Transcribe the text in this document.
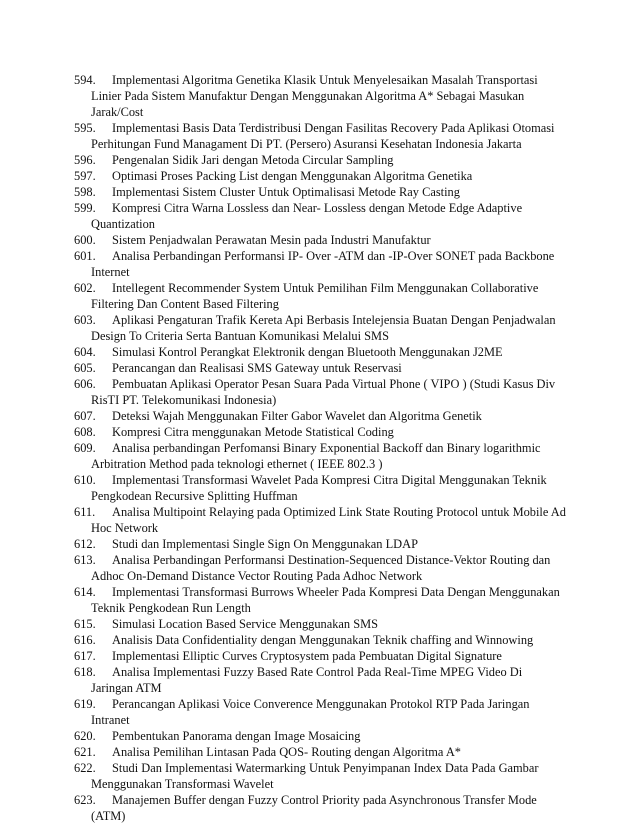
594. Implementasi Algoritma Genetika Klasik Untuk Menyelesaikan Masalah Transportasi Linier Pada Sistem Manufaktur Dengan Menggunakan Algoritma A* Sebagai Masukan Jarak/Cost
595. Implementasi Basis Data Terdistribusi Dengan Fasilitas Recovery Pada Aplikasi Otomasi Perhitungan Fund Managament Di PT. (Persero) Asuransi Kesehatan Indonesia Jakarta
596. Pengenalan Sidik Jari dengan Metoda Circular Sampling
597. Optimasi Proses Packing List dengan Menggunakan Algoritma Genetika
598. Implementasi Sistem Cluster Untuk Optimalisasi Metode Ray Casting
599. Kompresi Citra Warna Lossless dan Near- Lossless dengan Metode Edge Adaptive Quantization
600. Sistem Penjadwalan Perawatan Mesin pada Industri Manufaktur
601. Analisa Perbandingan Performansi IP- Over -ATM dan -IP-Over SONET pada Backbone Internet
602. Intellegent Recommender System Untuk Pemilihan Film Menggunakan Collaborative Filtering Dan Content Based Filtering
603. Aplikasi Pengaturan Trafik Kereta Api Berbasis Intelejensia Buatan Dengan Penjadwalan Design To Criteria Serta Bantuan Komunikasi Melalui SMS
604. Simulasi Kontrol Perangkat Elektronik dengan Bluetooth Menggunakan J2ME
605. Perancangan dan Realisasi SMS Gateway untuk Reservasi
606. Pembuatan Aplikasi Operator Pesan Suara Pada Virtual Phone ( VIPO ) (Studi Kasus Div RisTI PT. Telekomunikasi Indonesia)
607. Deteksi Wajah Menggunakan Filter Gabor Wavelet dan Algoritma Genetik
608. Kompresi Citra menggunakan Metode Statistical Coding
609. Analisa perbandingan Perfomansi Binary Exponential Backoff dan Binary logarithmic Arbitration Method pada teknologi ethernet ( IEEE 802.3 )
610. Implementasi Transformasi Wavelet Pada Kompresi Citra Digital Menggunakan Teknik Pengkodean Recursive Splitting Huffman
611. Analisa Multipoint Relaying pada Optimized Link State Routing Protocol untuk Mobile Ad Hoc Network
612. Studi dan Implementasi Single Sign On Menggunakan LDAP
613. Analisa Perbandingan Performansi Destination-Sequenced Distance-Vektor Routing dan Adhoc On-Demand Distance Vector Routing Pada Adhoc Network
614. Implementasi Transformasi Burrows Wheeler Pada Kompresi Data Dengan Menggunakan Teknik Pengkodean Run Length
615. Simulasi Location Based Service Menggunakan SMS
616. Analisis Data Confidentiality dengan Menggunakan Teknik chaffing and Winnowing
617. Implementasi Elliptic Curves Cryptosystem pada Pembuatan Digital Signature
618. Analisa Implementasi Fuzzy Based Rate Control Pada Real-Time MPEG Video Di Jaringan ATM
619. Perancangan Aplikasi Voice Converence Menggunakan Protokol RTP Pada Jaringan Intranet
620. Pembentukan Panorama dengan Image Mosaicing
621. Analisa Pemilihan Lintasan Pada QOS- Routing dengan Algoritma A*
622. Studi Dan Implementasi Watermarking Untuk Penyimpanan Index Data Pada Gambar Menggunakan Transformasi Wavelet
623. Manajemen Buffer dengan Fuzzy Control Priority pada Asynchronous Transfer Mode (ATM)
